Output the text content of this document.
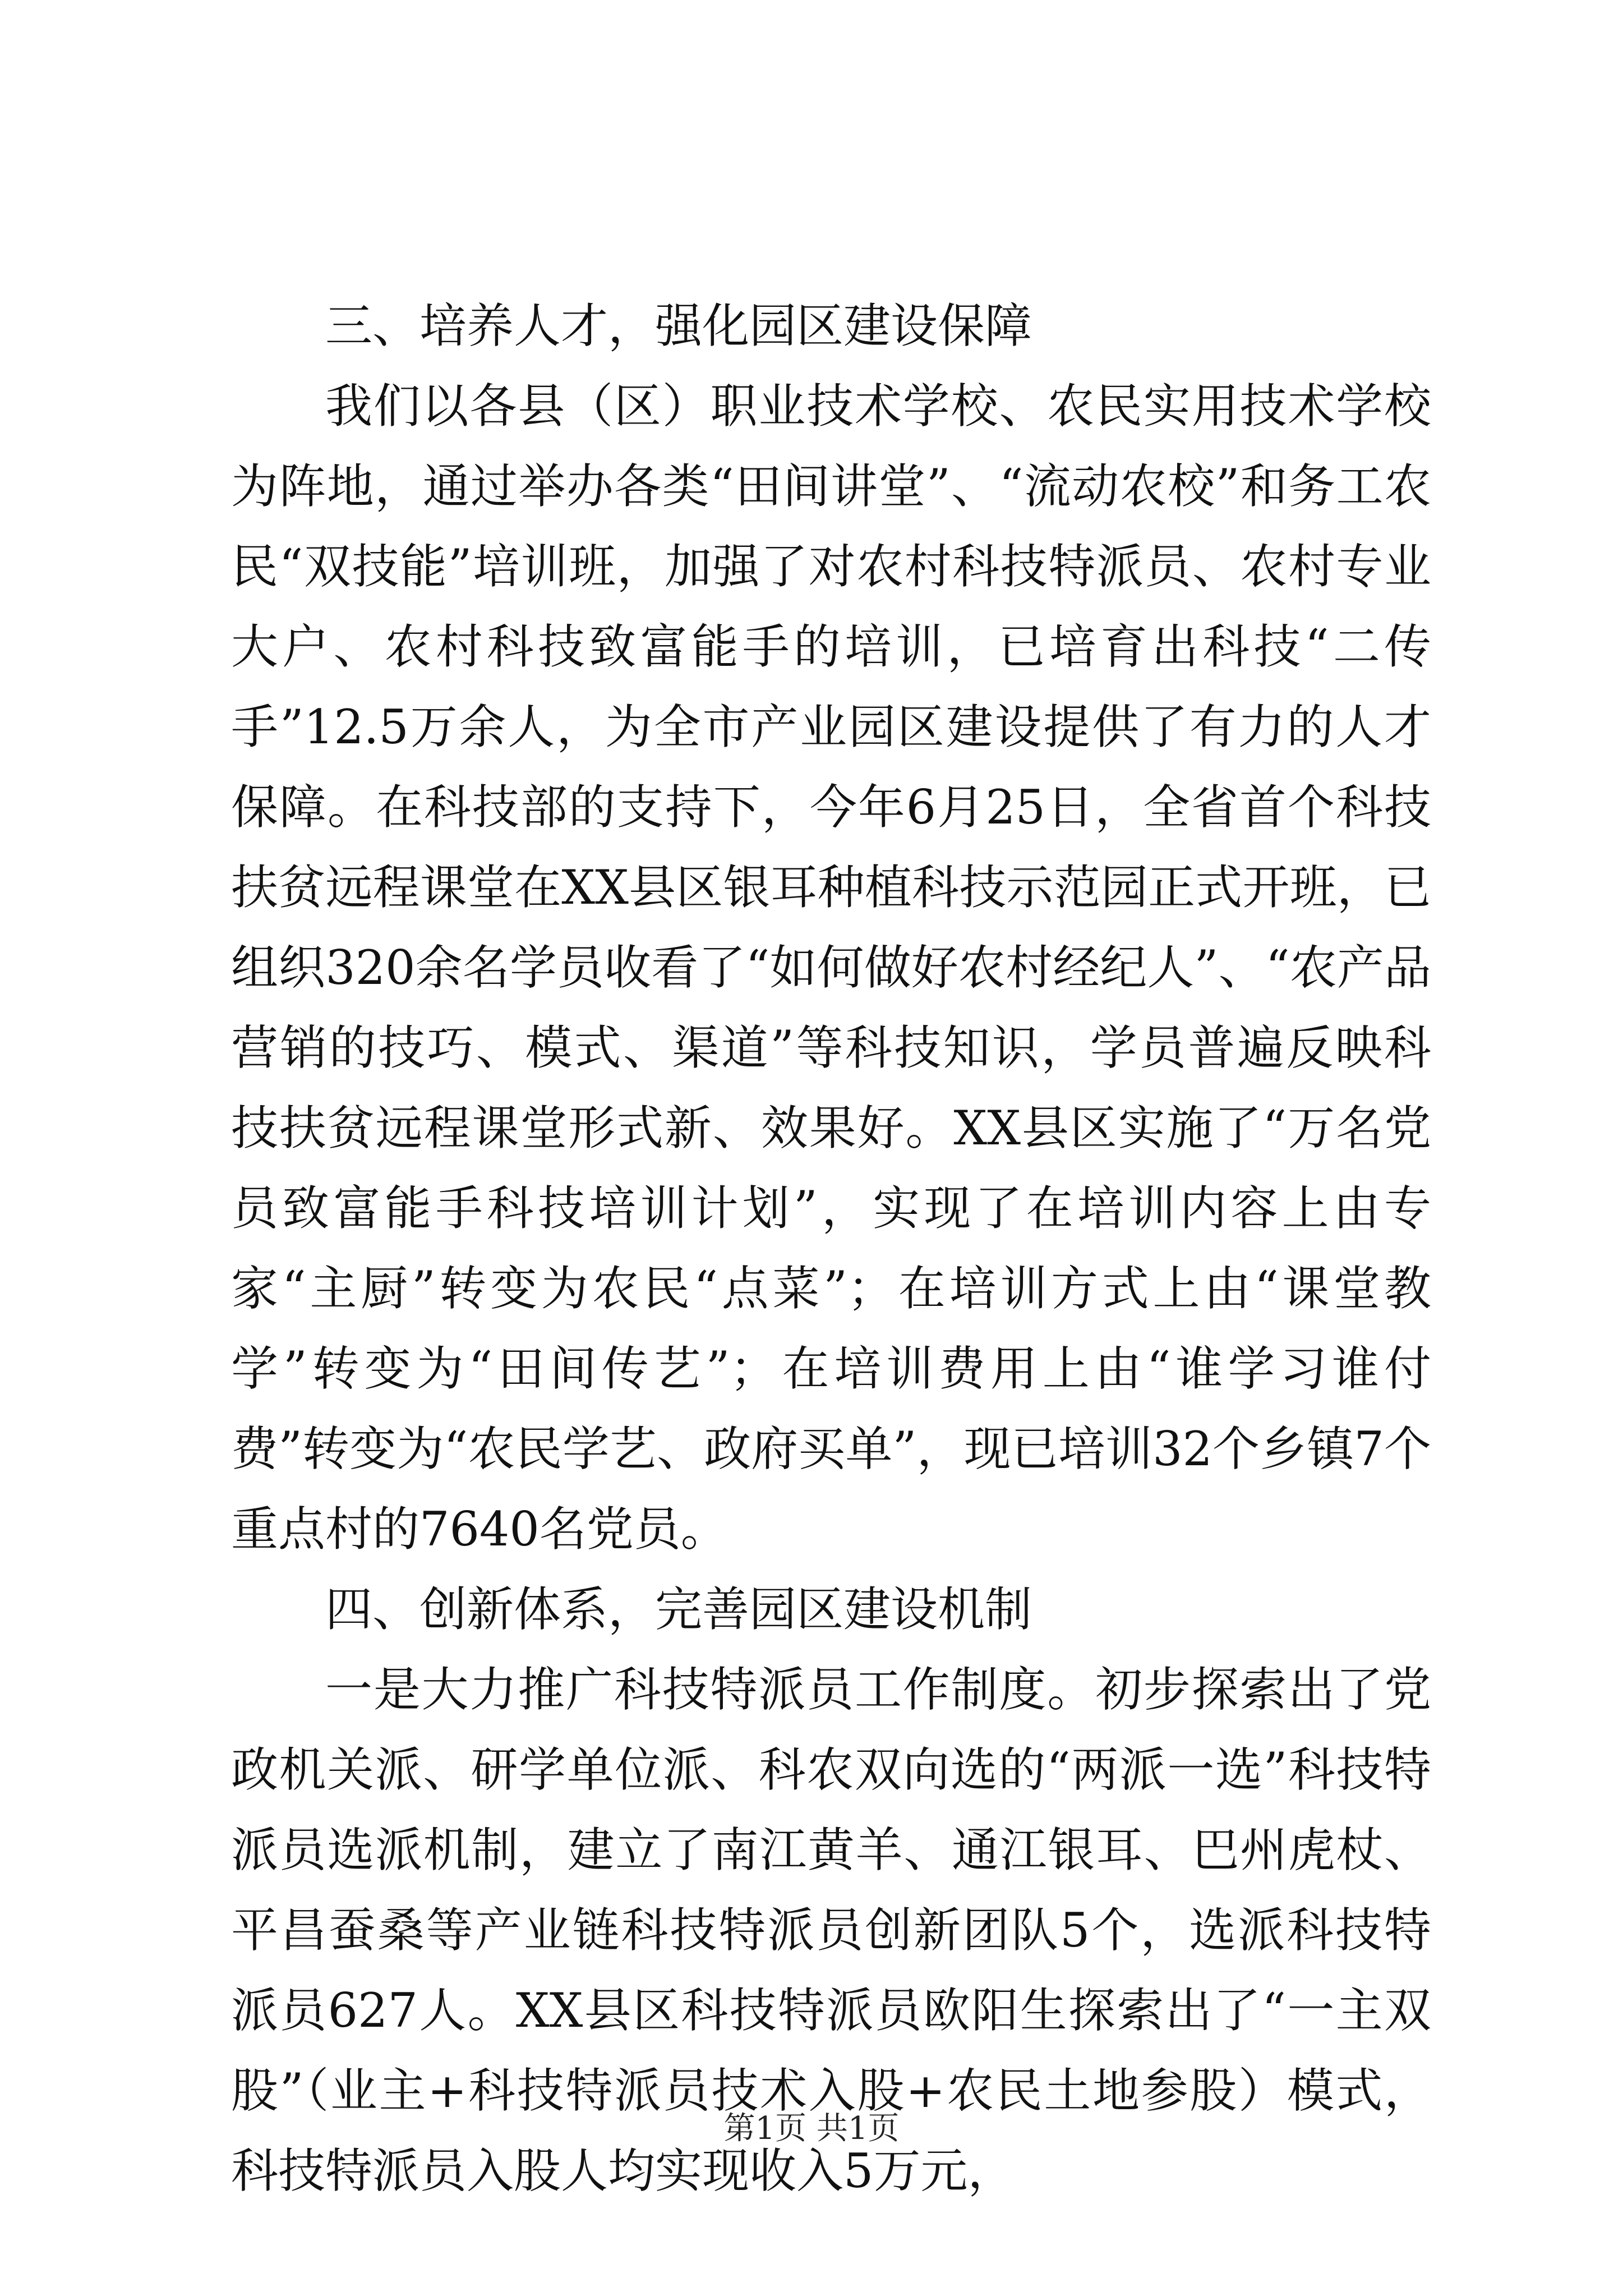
三、培养人才，强化园区建设保障

我们以各县（区）职业技术学校、农民实用技术学校为阵地，通过举办各类“田间讲堂”、“流动农校”和务工农民“双技能”培训班，加强了对农村科技特派员、农村专业大户、农村科技致富能手的培训，已培育出科技“二传手”12.5万余人，为全市产业园区建设提供了有力的人才保障。在科技部的支持下，今年6月25日，全省首个科技扶贫远程课堂在XX县区银耳种植科技示范园正式开班，已组织320余名学员收看了“如何做好农村经纪人”、“农产品营销的技巧、模式、渠道”等科技知识，学员普遍反映科技扶贫远程课堂形式新、效果好。XX县区实施了“万名党员致富能手科技培训计划”，实现了在培训内容上由专家“主厨”转变为农民“点菜”；在培训方式上由“课堂教学”转变为“田间传艺”；在培训费用上由“谁学习谁付费”转变为“农民学艺、政府买单”，现已培训32个乡镇7个重点村的7640名党员。

四、创新体系，完善园区建设机制

一是大力推广科技特派员工作制度。初步探索出了党政机关派、研学单位派、科农双向选的“两派一选”科技特派员选派机制，建立了南江黄羊、通江银耳、巴州虎杖、平昌蚕桑等产业链科技特派员创新团队5个，选派科技特派员627人。XX县区科技特派员欧阳生探索出了“一主双股”（业主+科技特派员技术入股+农民土地参股）模式，科技特派员入股人均实现收入5万元，

第1页 共1页
